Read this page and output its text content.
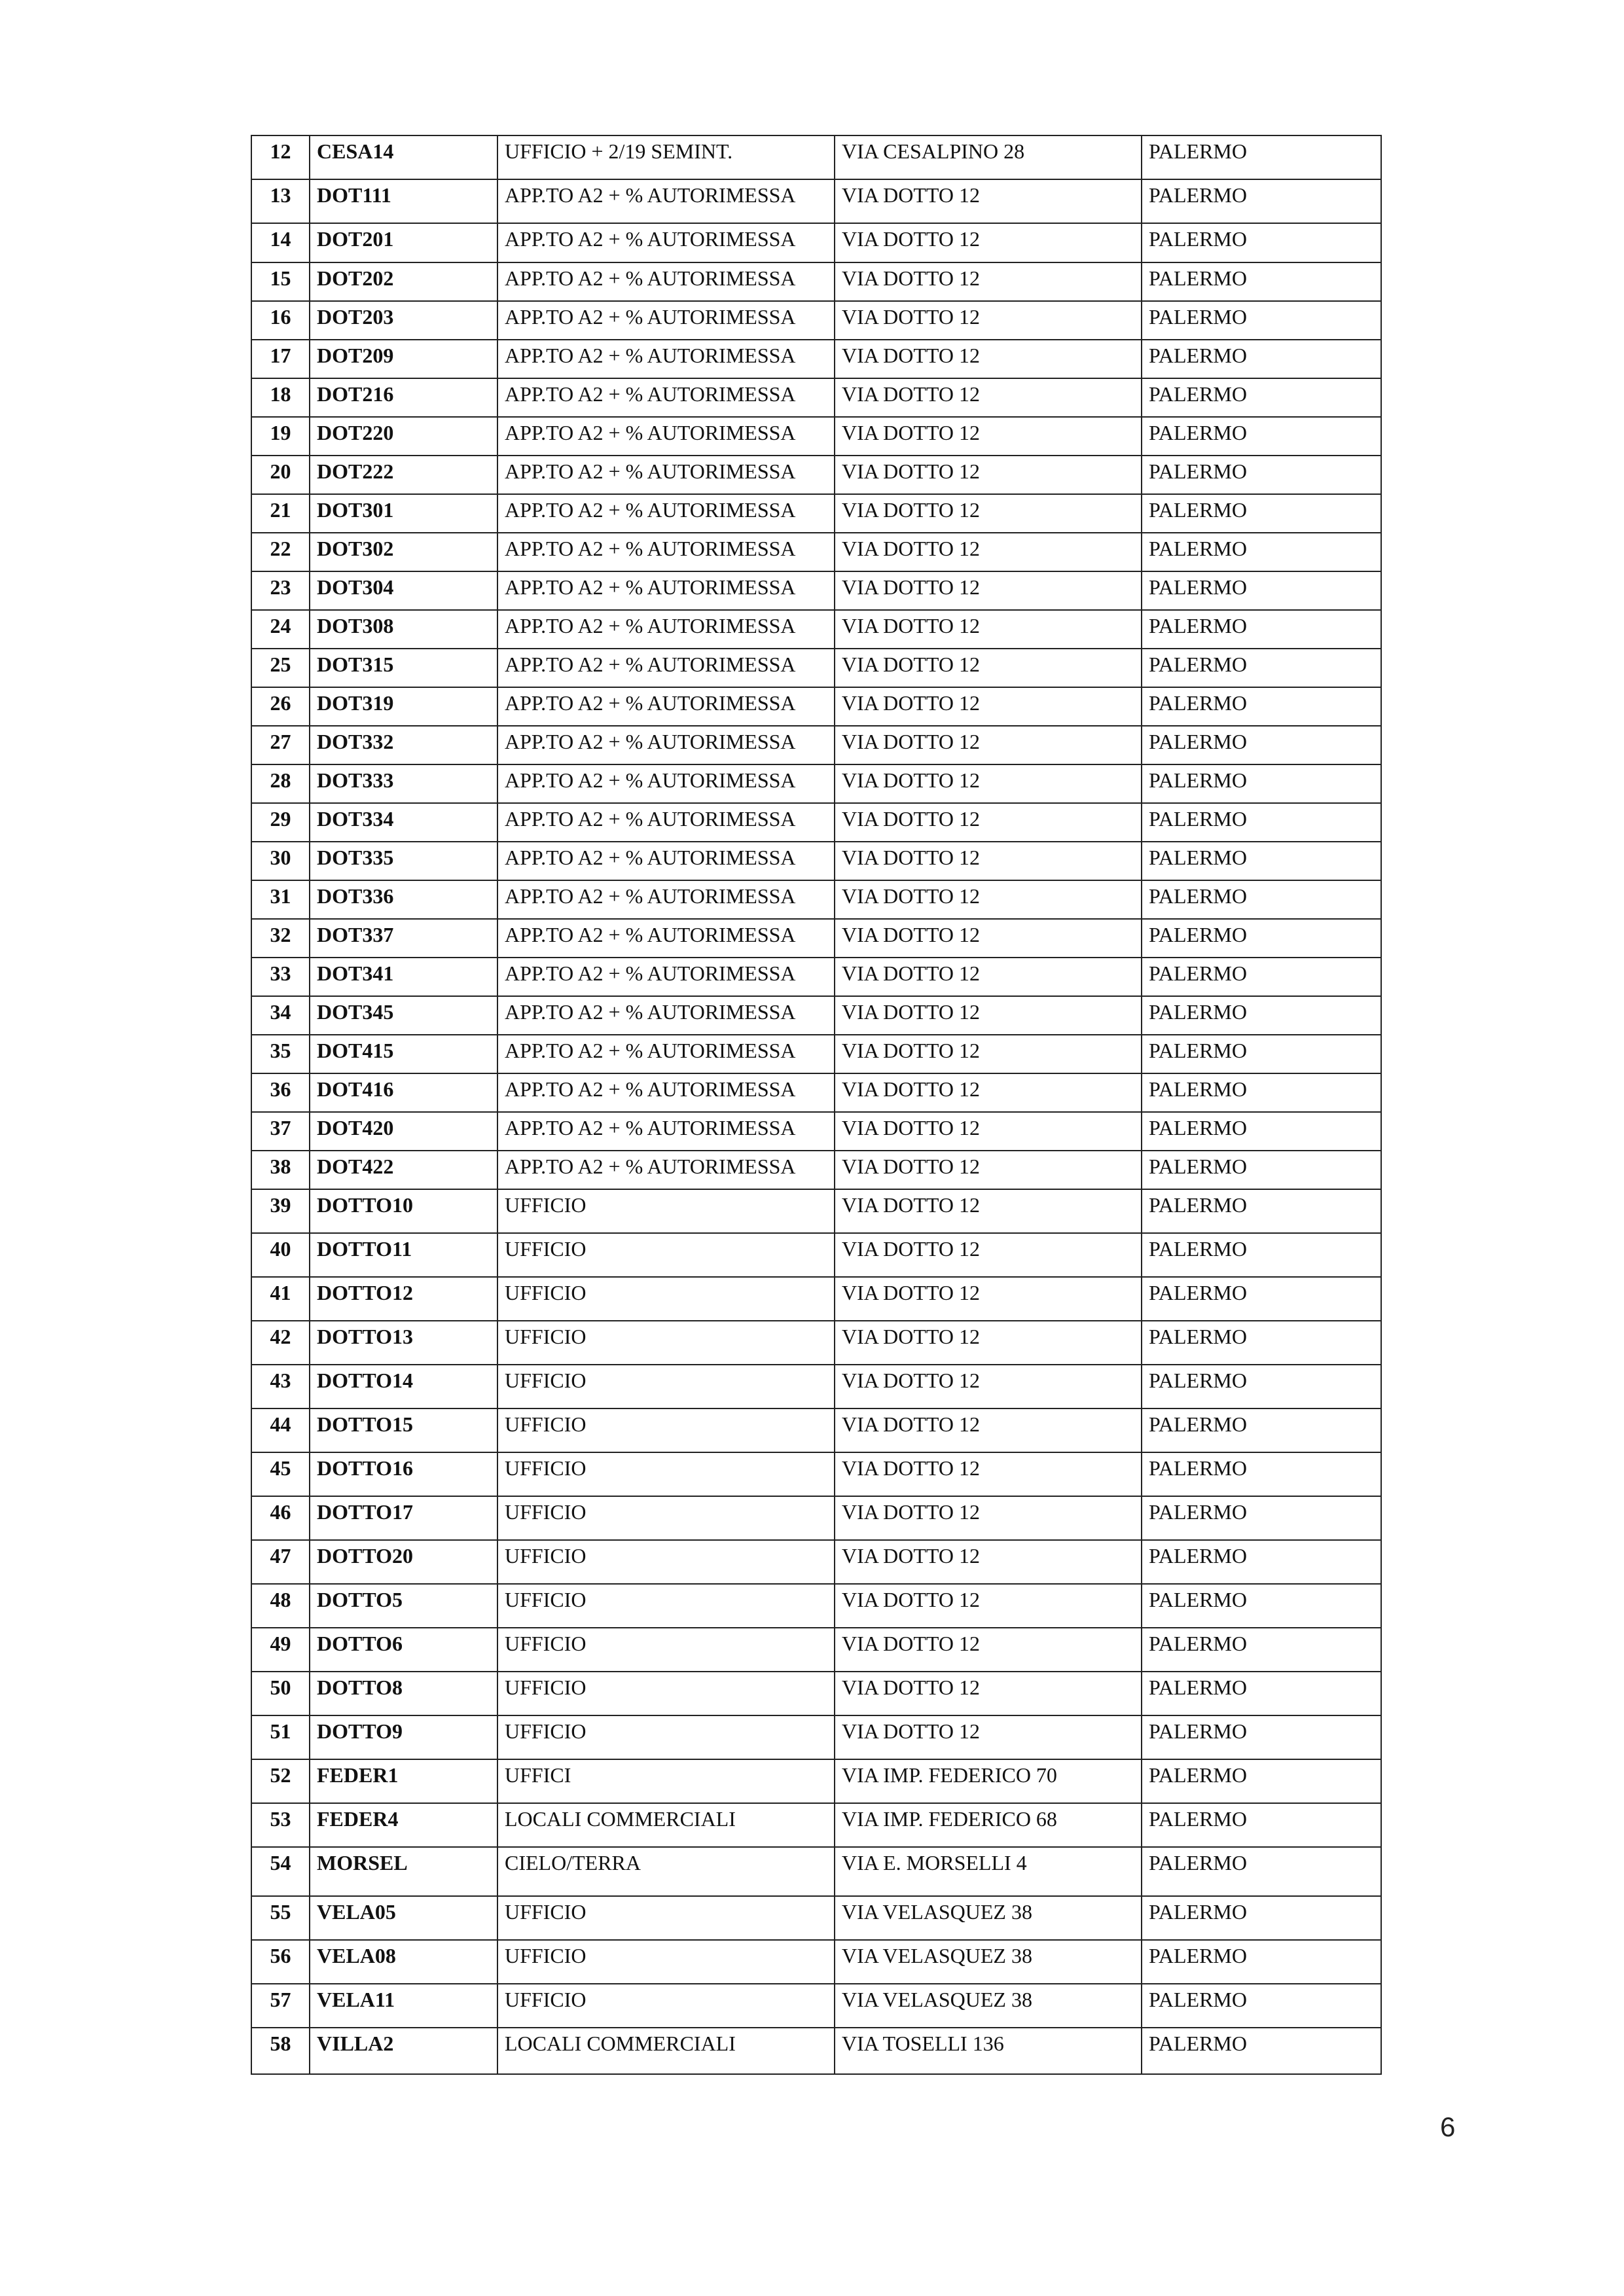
12	CESA14	UFFICIO + 2/19 SEMINT.	VIA CESALPINO 28	PALERMO
13	DOT111	APP.TO A2 + % AUTORIMESSA	VIA DOTTO 12	PALERMO
14	DOT201	APP.TO A2 + % AUTORIMESSA	VIA DOTTO 12	PALERMO
15	DOT202	APP.TO A2 + % AUTORIMESSA	VIA DOTTO 12	PALERMO
16	DOT203	APP.TO A2 + % AUTORIMESSA	VIA DOTTO 12	PALERMO
17	DOT209	APP.TO A2 + % AUTORIMESSA	VIA DOTTO 12	PALERMO
18	DOT216	APP.TO A2 + % AUTORIMESSA	VIA DOTTO 12	PALERMO
19	DOT220	APP.TO A2 + % AUTORIMESSA	VIA DOTTO 12	PALERMO
20	DOT222	APP.TO A2 + % AUTORIMESSA	VIA DOTTO 12	PALERMO
21	DOT301	APP.TO A2 + % AUTORIMESSA	VIA DOTTO 12	PALERMO
22	DOT302	APP.TO A2 + % AUTORIMESSA	VIA DOTTO 12	PALERMO
23	DOT304	APP.TO A2 + % AUTORIMESSA	VIA DOTTO 12	PALERMO
24	DOT308	APP.TO A2 + % AUTORIMESSA	VIA DOTTO 12	PALERMO
25	DOT315	APP.TO A2 + % AUTORIMESSA	VIA DOTTO 12	PALERMO
26	DOT319	APP.TO A2 + % AUTORIMESSA	VIA DOTTO 12	PALERMO
27	DOT332	APP.TO A2 + % AUTORIMESSA	VIA DOTTO 12	PALERMO
28	DOT333	APP.TO A2 + % AUTORIMESSA	VIA DOTTO 12	PALERMO
29	DOT334	APP.TO A2 + % AUTORIMESSA	VIA DOTTO 12	PALERMO
30	DOT335	APP.TO A2 + % AUTORIMESSA	VIA DOTTO 12	PALERMO
31	DOT336	APP.TO A2 + % AUTORIMESSA	VIA DOTTO 12	PALERMO
32	DOT337	APP.TO A2 + % AUTORIMESSA	VIA DOTTO 12	PALERMO
33	DOT341	APP.TO A2 + % AUTORIMESSA	VIA DOTTO 12	PALERMO
34	DOT345	APP.TO A2 + % AUTORIMESSA	VIA DOTTO 12	PALERMO
35	DOT415	APP.TO A2 + % AUTORIMESSA	VIA DOTTO 12	PALERMO
36	DOT416	APP.TO A2 + % AUTORIMESSA	VIA DOTTO 12	PALERMO
37	DOT420	APP.TO A2 + % AUTORIMESSA	VIA DOTTO 12	PALERMO
38	DOT422	APP.TO A2 + % AUTORIMESSA	VIA DOTTO 12	PALERMO
39	DOTTO10	UFFICIO	VIA DOTTO 12	PALERMO
40	DOTTO11	UFFICIO	VIA DOTTO 12	PALERMO
41	DOTTO12	UFFICIO	VIA DOTTO 12	PALERMO
42	DOTTO13	UFFICIO	VIA DOTTO 12	PALERMO
43	DOTTO14	UFFICIO	VIA DOTTO 12	PALERMO
44	DOTTO15	UFFICIO	VIA DOTTO 12	PALERMO
45	DOTTO16	UFFICIO	VIA DOTTO 12	PALERMO
46	DOTTO17	UFFICIO	VIA DOTTO 12	PALERMO
47	DOTTO20	UFFICIO	VIA DOTTO 12	PALERMO
48	DOTTO5	UFFICIO	VIA DOTTO 12	PALERMO
49	DOTTO6	UFFICIO	VIA DOTTO 12	PALERMO
50	DOTTO8	UFFICIO	VIA DOTTO 12	PALERMO
51	DOTTO9	UFFICIO	VIA DOTTO 12	PALERMO
52	FEDER1	UFFICI	VIA IMP. FEDERICO 70	PALERMO
53	FEDER4	LOCALI COMMERCIALI	VIA IMP. FEDERICO 68	PALERMO
54	MORSEL	CIELO/TERRA	VIA E. MORSELLI 4	PALERMO
55	VELA05	UFFICIO	VIA VELASQUEZ 38	PALERMO
56	VELA08	UFFICIO	VIA VELASQUEZ 38	PALERMO
57	VELA11	UFFICIO	VIA VELASQUEZ 38	PALERMO
58	VILLA2	LOCALI COMMERCIALI	VIA TOSELLI 136	PALERMO
6
